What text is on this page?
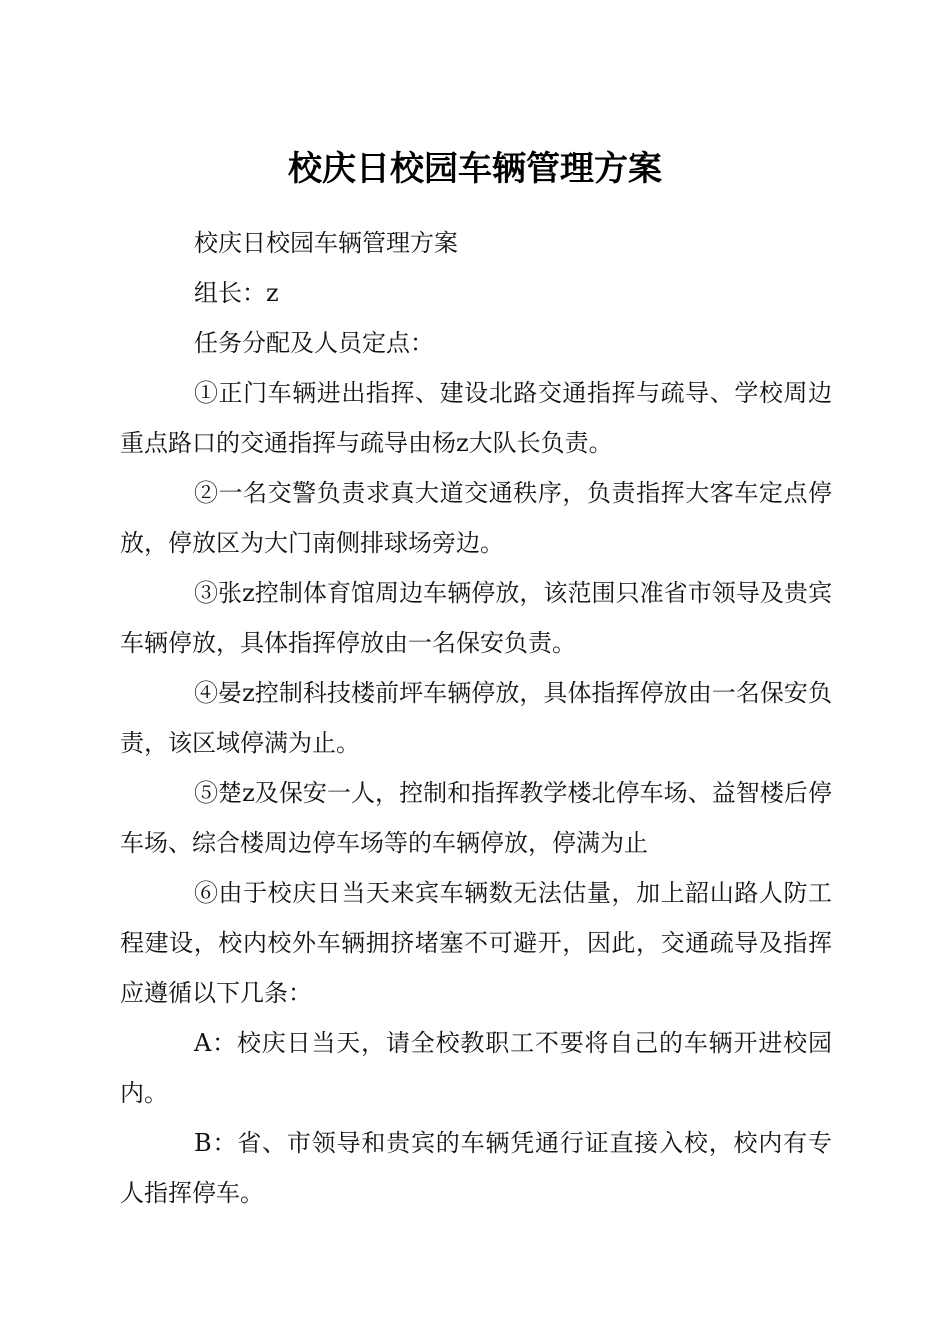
校庆日校园车辆管理方案

校庆日校园车辆管理方案

组长：z

任务分配及人员定点：

①正门车辆进出指挥、建设北路交通指挥与疏导、学校周边重点路口的交通指挥与疏导由杨z大队长负责。

②一名交警负责求真大道交通秩序，负责指挥大客车定点停放，停放区为大门南侧排球场旁边。

③张z控制体育馆周边车辆停放，该范围只准省市领导及贵宾车辆停放，具体指挥停放由一名保安负责。

④晏z控制科技楼前坪车辆停放，具体指挥停放由一名保安负责，该区域停满为止。

⑤楚z及保安一人，控制和指挥教学楼北停车场、益智楼后停车场、综合楼周边停车场等的车辆停放，停满为止

⑥由于校庆日当天来宾车辆数无法估量，加上韶山路人防工程建设，校内校外车辆拥挤堵塞不可避开，因此，交通疏导及指挥应遵循以下几条：

A：校庆日当天，请全校教职工不要将自己的车辆开进校园内。

B：省、市领导和贵宾的车辆凭通行证直接入校，校内有专人指挥停车。
